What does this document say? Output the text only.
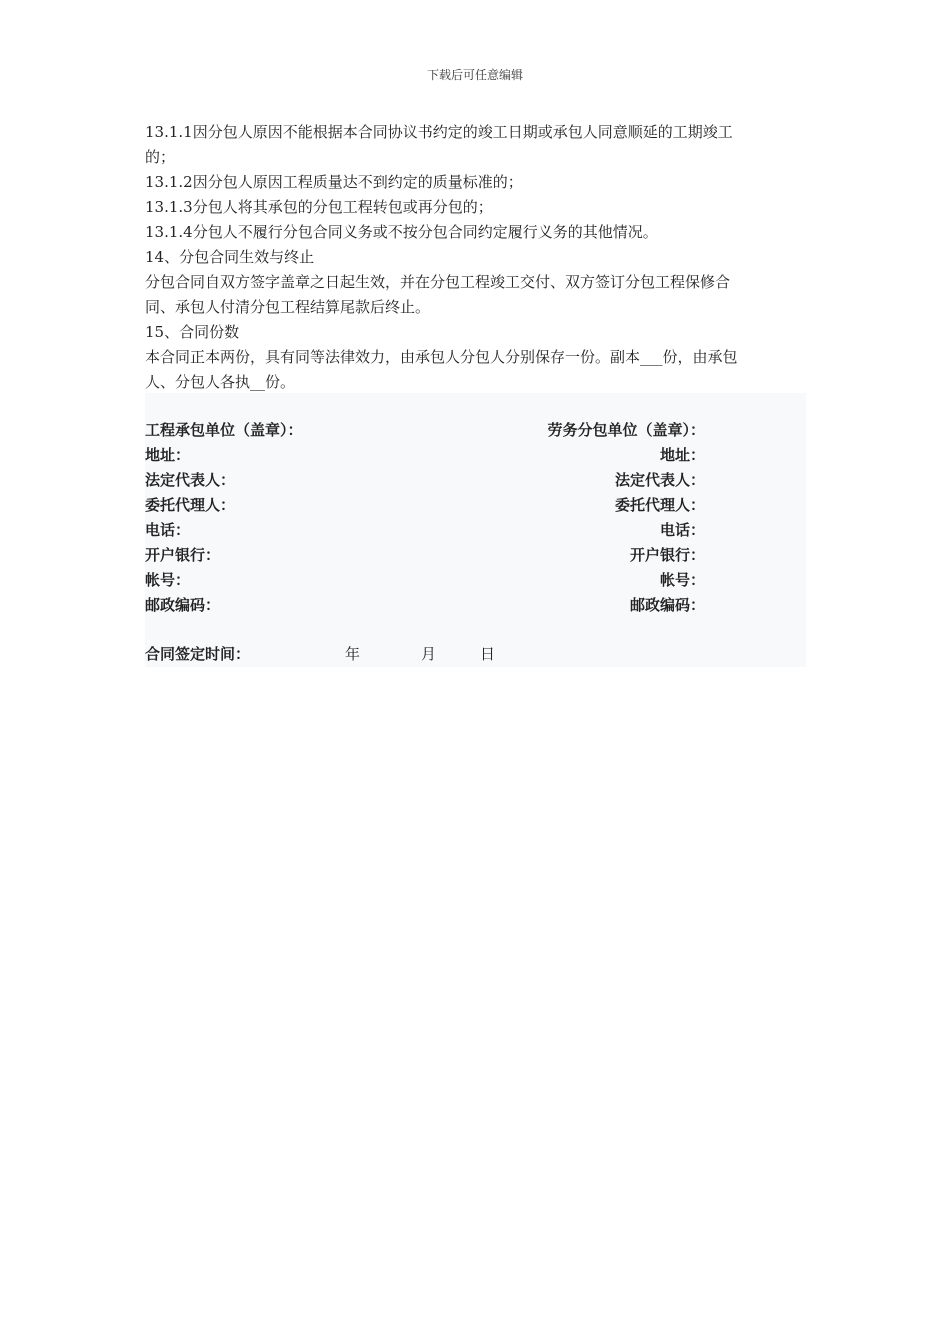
下载后可任意编辑

13.1.1因分包人原因不能根据本合同协议书约定的竣工日期或承包人同意顺延的工期竣工

的；

13.1.2因分包人原因工程质量达不到约定的质量标准的；

13.1.3分包人将其承包的分包工程转包或再分包的；

13.1.4分包人不履行分包合同义务或不按分包合同约定履行义务的其他情况。

14、分包合同生效与终止

分包合同自双方签字盖章之日起生效，并在分包工程竣工交付、双方签订分包工程保修合

同、承包人付清分包工程结算尾款后终止。

15、合同份数

本合同正本两份，具有同等法律效力，由承包人分包人分别保存一份。副本___份，由承包

人、分包人各执__份。

工程承包单位（盖章）：	劳务分包单位（盖章）：
地址：	地址：
法定代表人：	法定代表人：
委托代理人：	委托代理人：
电话：	电话：
开户银行：	开户银行：
帐号：	帐号：
邮政编码：	邮政编码：
合同签定时间：	年	月	日
